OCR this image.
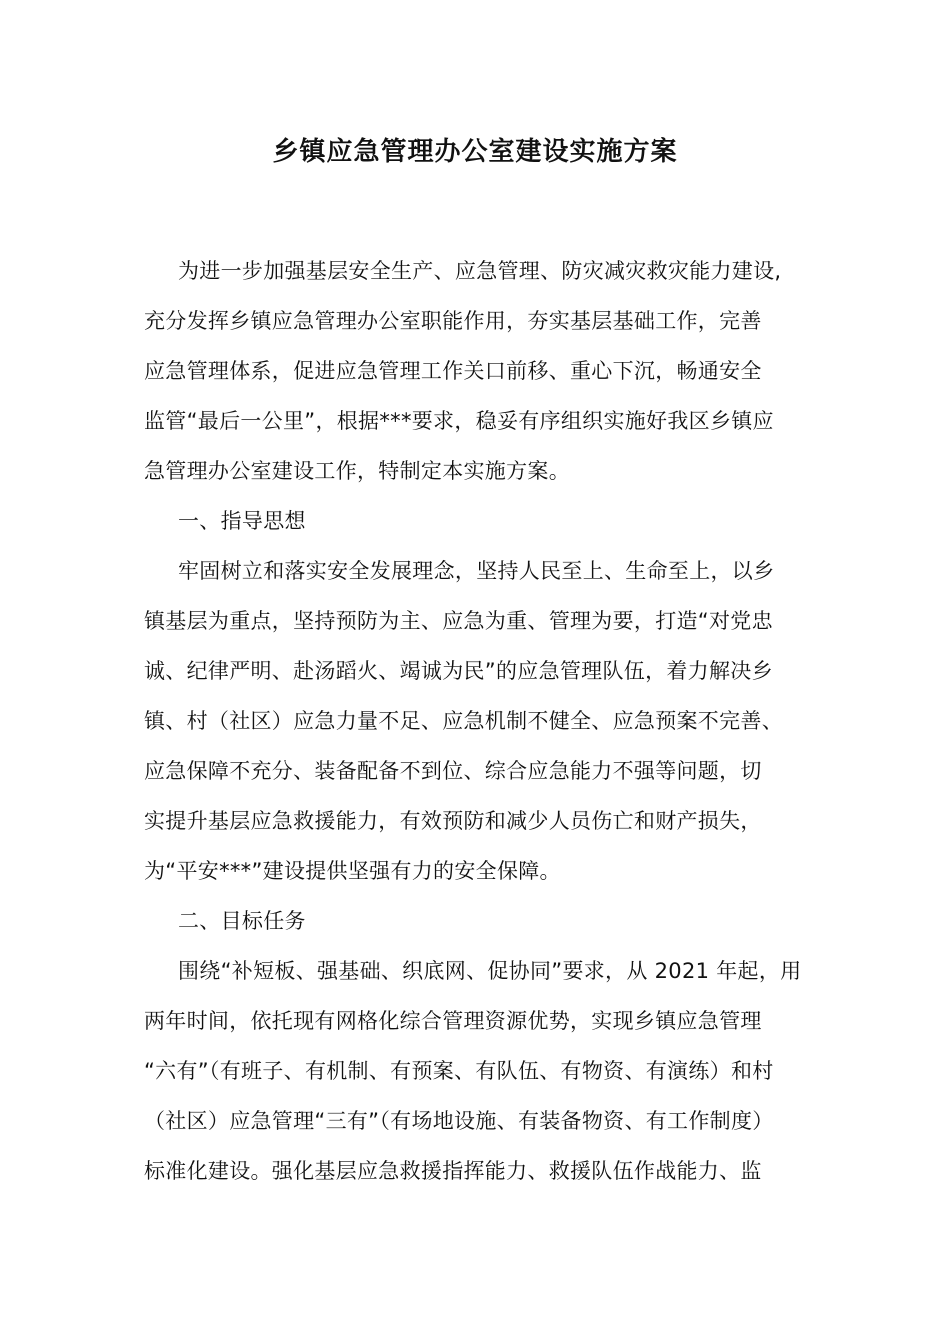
乡镇应急管理办公室建设实施方案
为进一步加强基层安全生产、应急管理、防灾减灾救灾能力建设,
充分发挥乡镇应急管理办公室职能作用，夯实基层基础工作，完善
应急管理体系，促进应急管理工作关口前移、重心下沉，畅通安全
监管“最后一公里”，根据***要求，稳妥有序组织实施好我区乡镇应
急管理办公室建设工作，特制定本实施方案。
一、指导思想
牢固树立和落实安全发展理念，坚持人民至上、生命至上，以乡
镇基层为重点，坚持预防为主、应急为重、管理为要，打造“对党忠
诚、纪律严明、赴汤蹈火、竭诚为民”的应急管理队伍，着力解决乡
镇、村（社区）应急力量不足、应急机制不健全、应急预案不完善、
应急保障不充分、装备配备不到位、综合应急能力不强等问题，切
实提升基层应急救援能力，有效预防和减少人员伤亡和财产损失，
为“平安***”建设提供坚强有力的安全保障。
二、目标任务
围绕“补短板、强基础、织底网、促协同”要求，从 2021 年起，用
两年时间，依托现有网格化综合管理资源优势，实现乡镇应急管理
“六有”（有班子、有机制、有预案、有队伍、有物资、有演练）和村
（社区）应急管理“三有”（有场地设施、有装备物资、有工作制度）
标准化建设。强化基层应急救援指挥能力、救援队伍作战能力、监
